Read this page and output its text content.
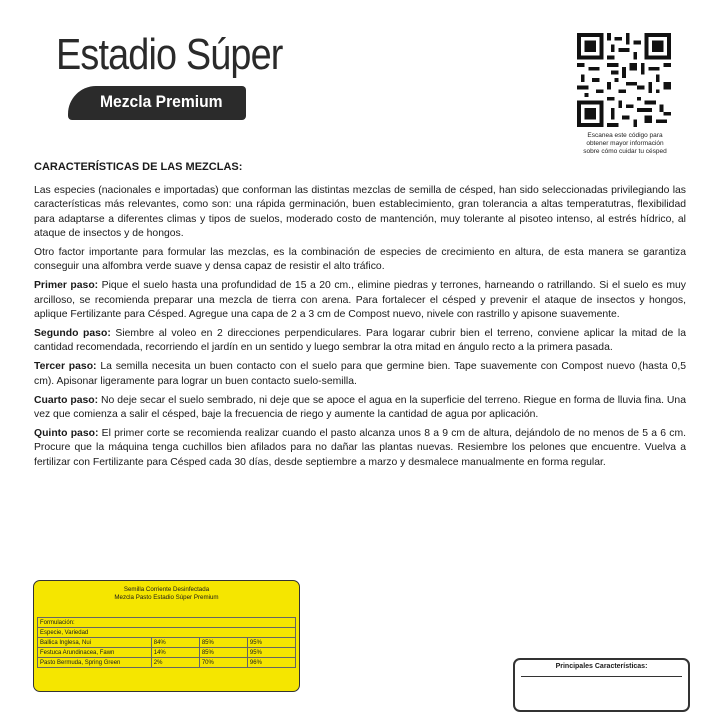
Estadio Súper
Mezcla Premium
Escanea este código para
obtener mayor información
sobre cómo cuidar tu césped
CARACTERÍSTICAS DE LAS MEZCLAS:

Las especies (nacionales e importadas) que conforman las distintas mezclas de semilla de césped, han sido seleccionadas privilegiando las características más relevantes, como son: una rápida germinación, buen establecimiento, gran tolerancia a altas temperatutras, flexibilidad para adaptarse a diferentes climas y tipos de suelos, moderado costo de mantención, muy tolerante al pisoteo intenso, al estrés hídrico, al ataque de insectos y de hongos.

Otro factor importante para formular las mezclas, es la combinación de especies de crecimiento en altura, de esta manera se garantiza conseguir una alfombra verde suave y densa capaz de resistir el alto tráfico.

Primer paso: Pique el suelo hasta una profundidad de 15 a 20 cm., elimine piedras y terrones, harneando o ratrillando. Si el suelo es muy arcilloso, se recomienda preparar una mezcla de tierra con arena. Para fortalecer el césped y prevenir el ataque de insectos y hongos, aplique Fertilizante para Césped. Agregue una capa de 2 a 3 cm de Compost nuevo, nivele con rastrillo y apisone suavemente.

Segundo paso: Siembre al voleo en 2 direcciones perpendiculares. Para logarar cubrir bien el terreno, conviene aplicar la mitad de la cantidad recomendada, recorriendo el jardín en un sentido y luego sembrar la otra mitad en ángulo recto a la primera pasada.

Tercer paso: La semilla necesita un buen contacto con el suelo para que germine bien. Tape suavemente con Compost nuevo (hasta 0,5 cm). Apisonar ligeramente para lograr un buen contacto suelo-semilla.

Cuarto paso: No deje secar el suelo sembrado, ni deje que se apoce el agua en la superficie del terreno. Riegue en forma de lluvia fina. Una vez que comienza a salir el césped, baje la frecuencia de riego y aumente la cantidad de agua por aplicación.

Quinto paso: El primer corte se recomienda realizar cuando el pasto alcanza unos 8 a 9 cm de altura, dejándolo de no menos de 5 a 6 cm. Procure que la máquina tenga cuchillos bien afilados para no dañar las plantas nuevas. Resiembre los pelones que encuentre. Vuelva a fertilizar con Fertilizante para Césped cada 30 días, desde septiembre a marzo y desmalece manualmente en forma regular.

Semilla Corriente Desinfectada
Mezcla Pasto Estadio Súper Premium
Formulación:			
Especie, Variedad			
Ballica Inglesa, Nui	84%	85%	95%
Festuca Arundinacea, Fawn	14%	85%	95%
Pasto Bermuda, Spring Green	2%	70%	96%
Principales Características:
